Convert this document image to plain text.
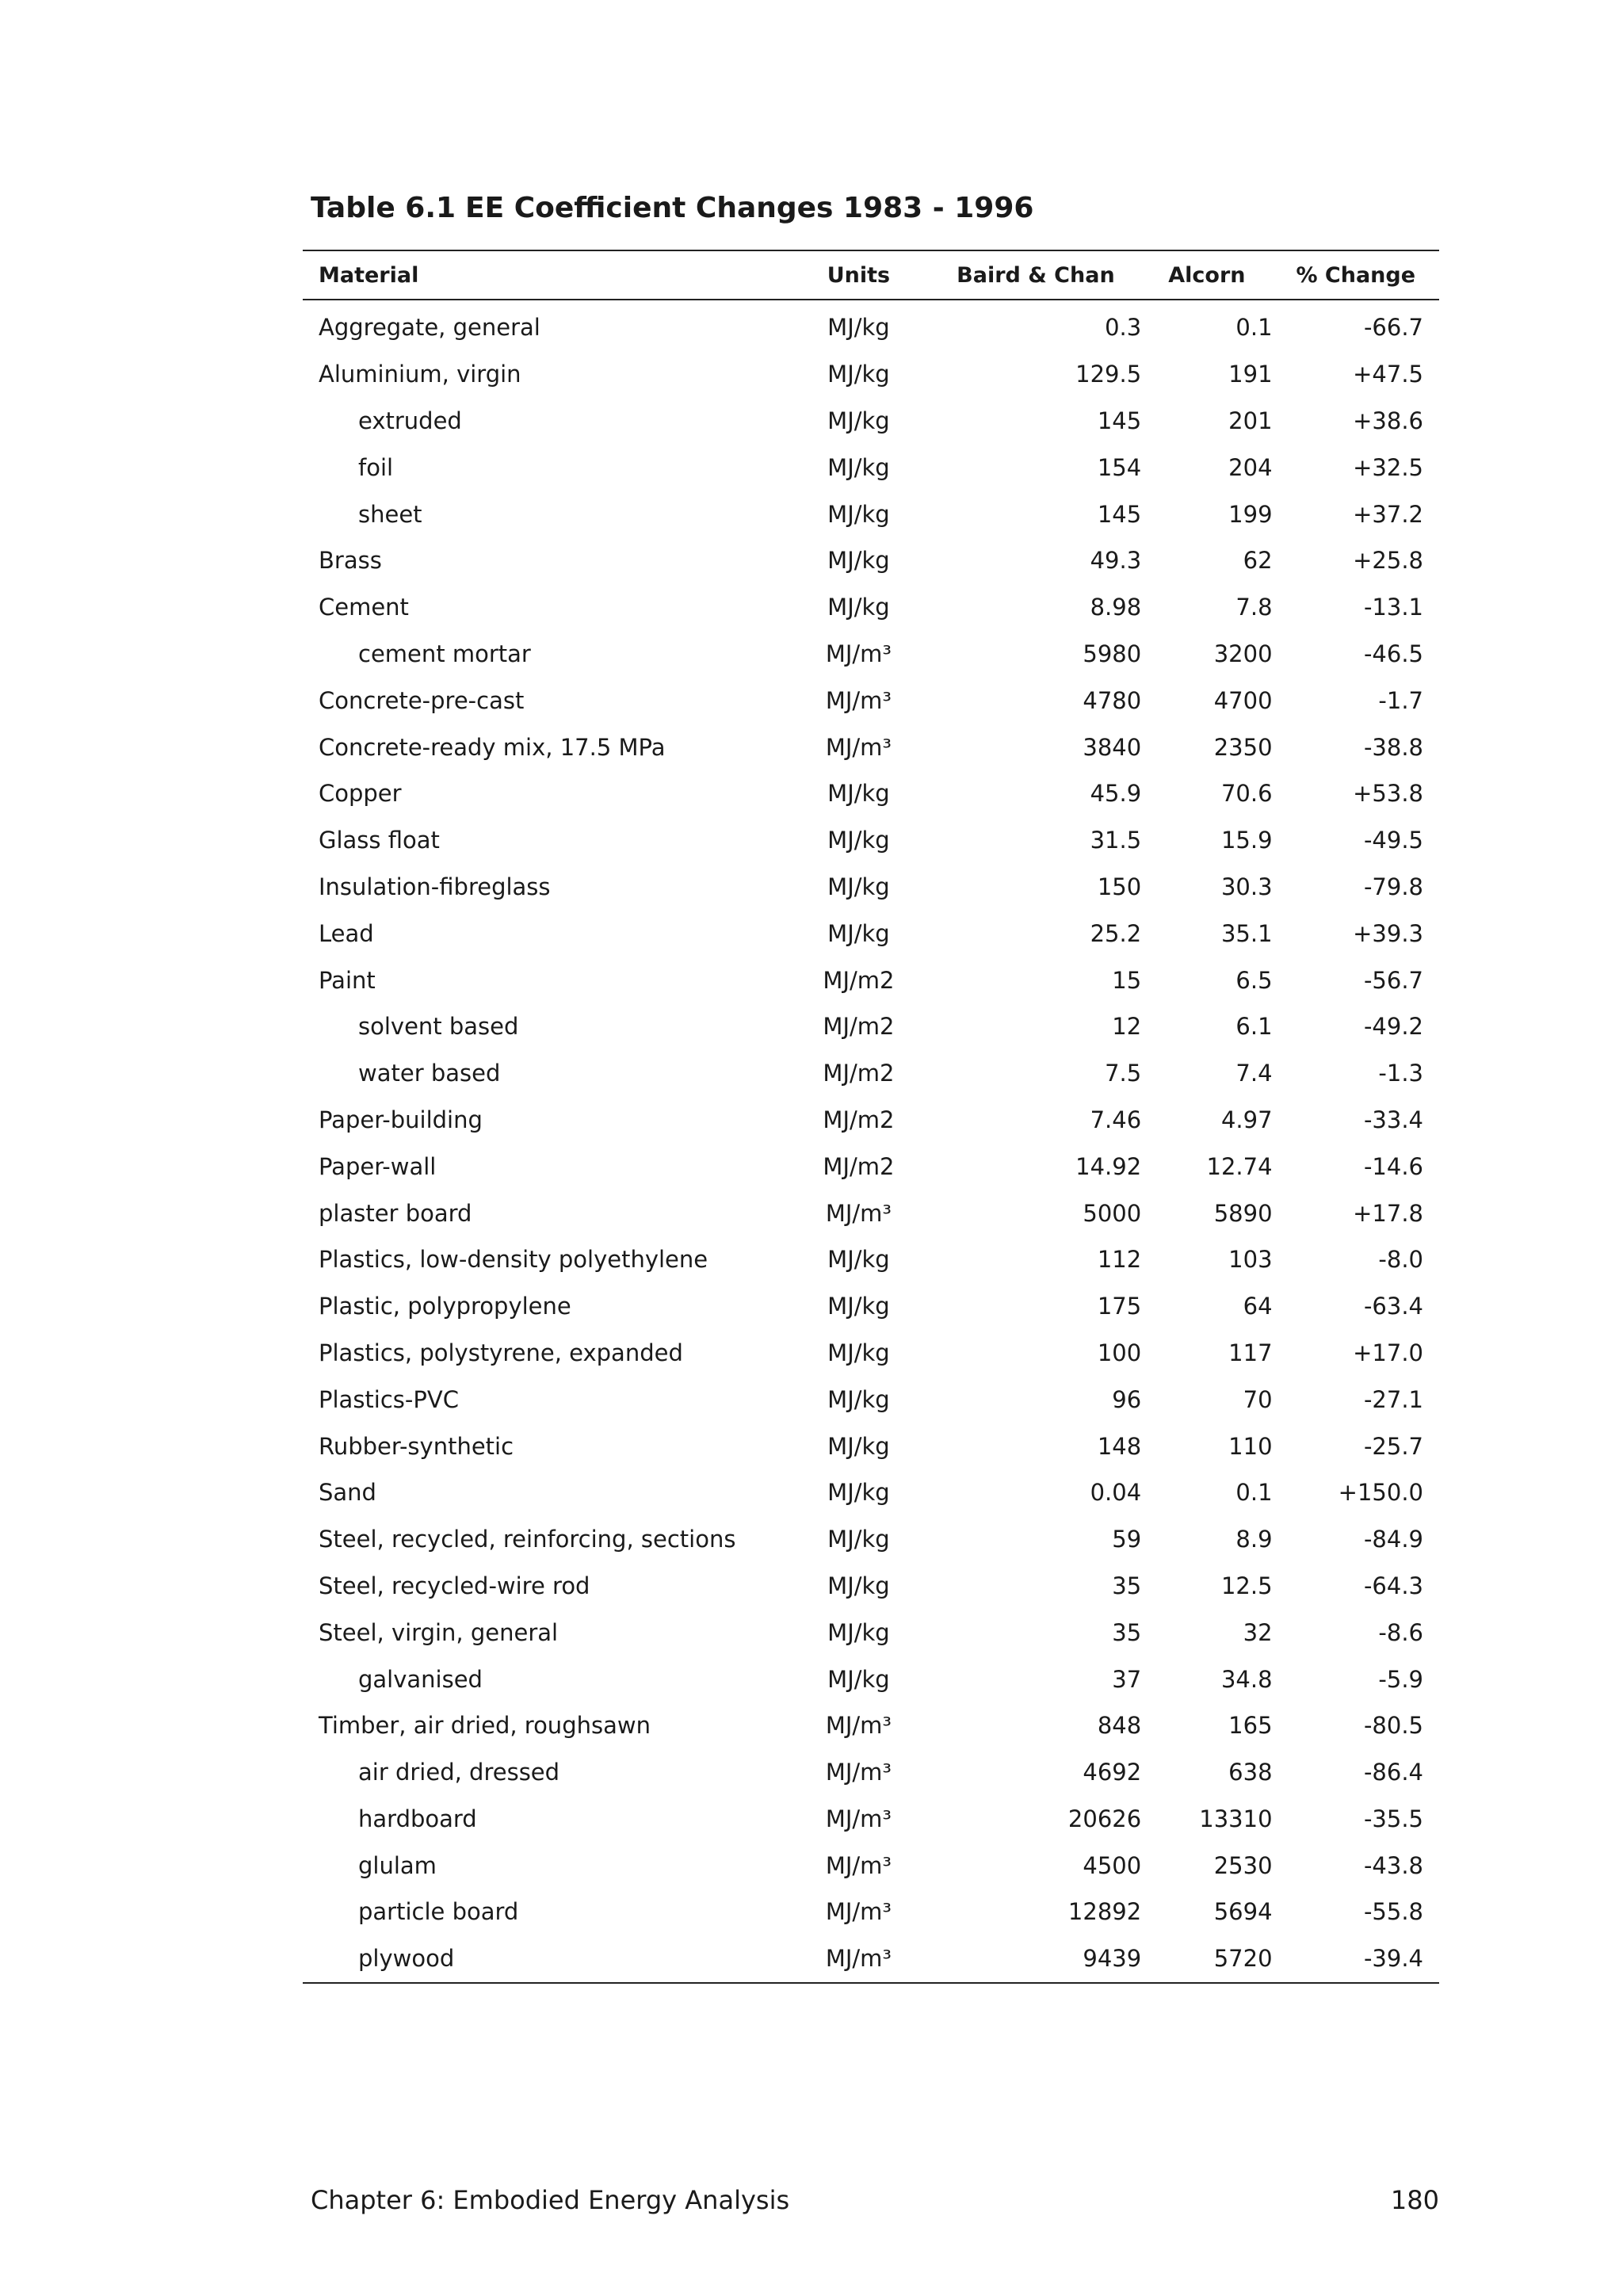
Table 6.1 EE Coefficient Changes 1983 - 1996
Material	Units	Baird & Chan	Alcorn	% Change
Aggregate, general	MJ/kg	0.3	0.1	-66.7
Aluminium, virgin	MJ/kg	129.5	191	+47.5
extruded	MJ/kg	145	201	+38.6
foil	MJ/kg	154	204	+32.5
sheet	MJ/kg	145	199	+37.2
Brass	MJ/kg	49.3	62	+25.8
Cement	MJ/kg	8.98	7.8	-13.1
cement mortar	MJ/m³	5980	3200	-46.5
Concrete-pre-cast	MJ/m³	4780	4700	-1.7
Concrete-ready mix, 17.5 MPa	MJ/m³	3840	2350	-38.8
Copper	MJ/kg	45.9	70.6	+53.8
Glass float	MJ/kg	31.5	15.9	-49.5
Insulation-fibreglass	MJ/kg	150	30.3	-79.8
Lead	MJ/kg	25.2	35.1	+39.3
Paint	MJ/m2	15	6.5	-56.7
solvent based	MJ/m2	12	6.1	-49.2
water based	MJ/m2	7.5	7.4	-1.3
Paper-building	MJ/m2	7.46	4.97	-33.4
Paper-wall	MJ/m2	14.92	12.74	-14.6
plaster board	MJ/m³	5000	5890	+17.8
Plastics, low-density polyethylene	MJ/kg	112	103	-8.0
Plastic, polypropylene	MJ/kg	175	64	-63.4
Plastics, polystyrene, expanded	MJ/kg	100	117	+17.0
Plastics-PVC	MJ/kg	96	70	-27.1
Rubber-synthetic	MJ/kg	148	110	-25.7
Sand	MJ/kg	0.04	0.1	+150.0
Steel, recycled, reinforcing, sections	MJ/kg	59	8.9	-84.9
Steel, recycled-wire rod	MJ/kg	35	12.5	-64.3
Steel, virgin, general	MJ/kg	35	32	-8.6
galvanised	MJ/kg	37	34.8	-5.9
Timber, air dried, roughsawn	MJ/m³	848	165	-80.5
air dried, dressed	MJ/m³	4692	638	-86.4
hardboard	MJ/m³	20626	13310	-35.5
glulam	MJ/m³	4500	2530	-43.8
particle board	MJ/m³	12892	5694	-55.8
plywood	MJ/m³	9439	5720	-39.4
Chapter 6: Embodied Energy Analysis	180
